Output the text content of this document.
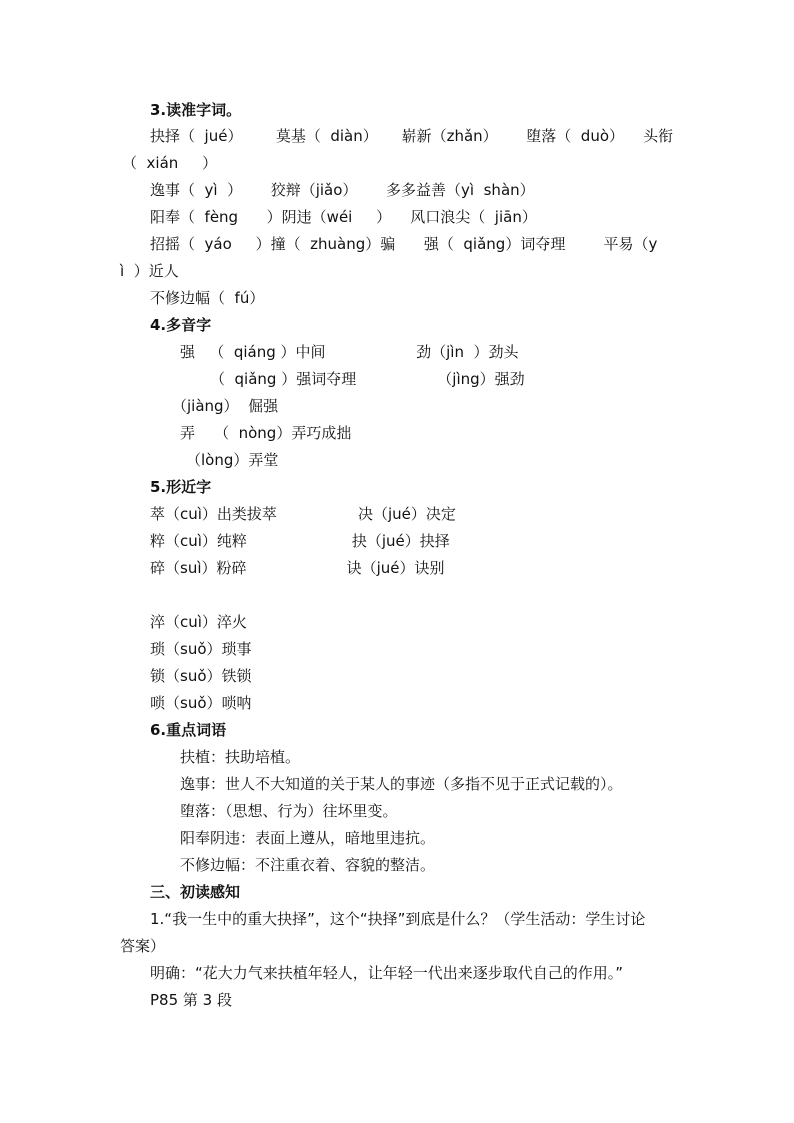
3.读准字词。
抉择（  jué）       莫基（  diàn）     崭新（zhǎn）      堕落（  duò）    头衔
（  xián     ）
逸事（  yì  ）      狡辩（jiǎo）      多多益善（yì  shàn）
阳奉（  fèng      ）阴违（wéi     ）    风口浪尖（  jiān）
招摇（  yáo     ）撞（  zhuàng）骗      强（  qiǎng）词夺理        平易（y
ì  ）近人
不修边幅（  fú）
4.多音字
强   （  qiáng ）中间                   劲（jìn  ）劲头
（  qiǎng ）强词夺理                 （jìng）强劲
（jiàng）  倔强
弄    （  nòng）弄巧成拙
（lòng）弄堂
5.形近字
萃（cuì）出类拔萃                 决（jué）决定
粹（cuì）纯粹                      抉（jué）抉择
碎（suì）粉碎                     诀（jué）诀别
淬（cuì）淬火
琐（suǒ）琐事
锁（suǒ）铁锁
唢（suǒ）唢呐
6.重点词语
扶植：扶助培植。
逸事：世人不大知道的关于某人的事迹（多指不见于正式记载的）。
堕落：（思想、行为）往坏里变。
阳奉阴违：表面上遵从，暗地里违抗。
不修边幅：不注重衣着、容貌的整洁。
三、初读感知
1.“我一生中的重大抉择”，这个“抉择”到底是什么？（学生活动：学生讨论
答案）
明确：“花大力气来扶植年轻人，让年轻一代出来逐步取代自己的作用。”
P85 第 3 段
